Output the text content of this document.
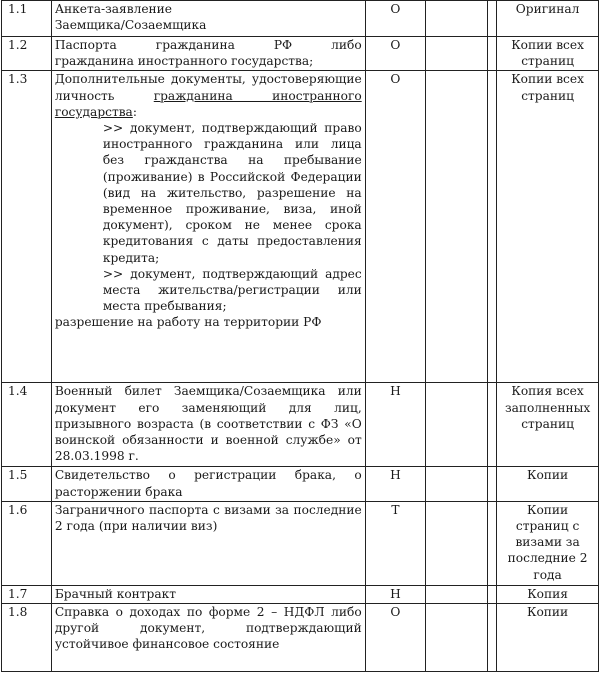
1.1	Анкета-заявление
Заемщика/Созаемщика	О			Оригинал
1.2	Паспорта гражданина РФ либо
гражданина иностранного государства;	О			Копии всех страниц
1.3	Дополнительные документы, удостоверяющие личность гражданина иностранного государства:
>> документ, подтверждающий право иностранного гражданина или лица без гражданства на пребывание (проживание) в Российской Федерации (вид на жительство, разрешение на временное проживание, виза, иной документ), сроком не менее срока кредитования с даты предоставления кредита;
>> документ, подтверждающий адрес места жительства/регистрации или места пребывания;
разрешение на работу на территории РФ	О			Копии всех страниц
1.4	Военный билет Заемщика/Созаемщика или документ его заменяющий для лиц, призывного возраста (в соответствии с ФЗ «О воинской обязанности и военной службе» от 28.03.1998 г.	Н			Копия всех заполненных страниц
1.5	Свидетельство о регистрации брака, о расторжении брака	Н			Копии
1.6	Заграничного паспорта с визами за последние 2 года (при наличии виз)	Т			Копии страниц с визами за последние 2 года
1.7	Брачный контракт	Н			Копия
1.8	Справка о доходах по форме 2 – НДФЛ либо другой документ, подтверждающий устойчивое финансовое состояние	О			Копии
